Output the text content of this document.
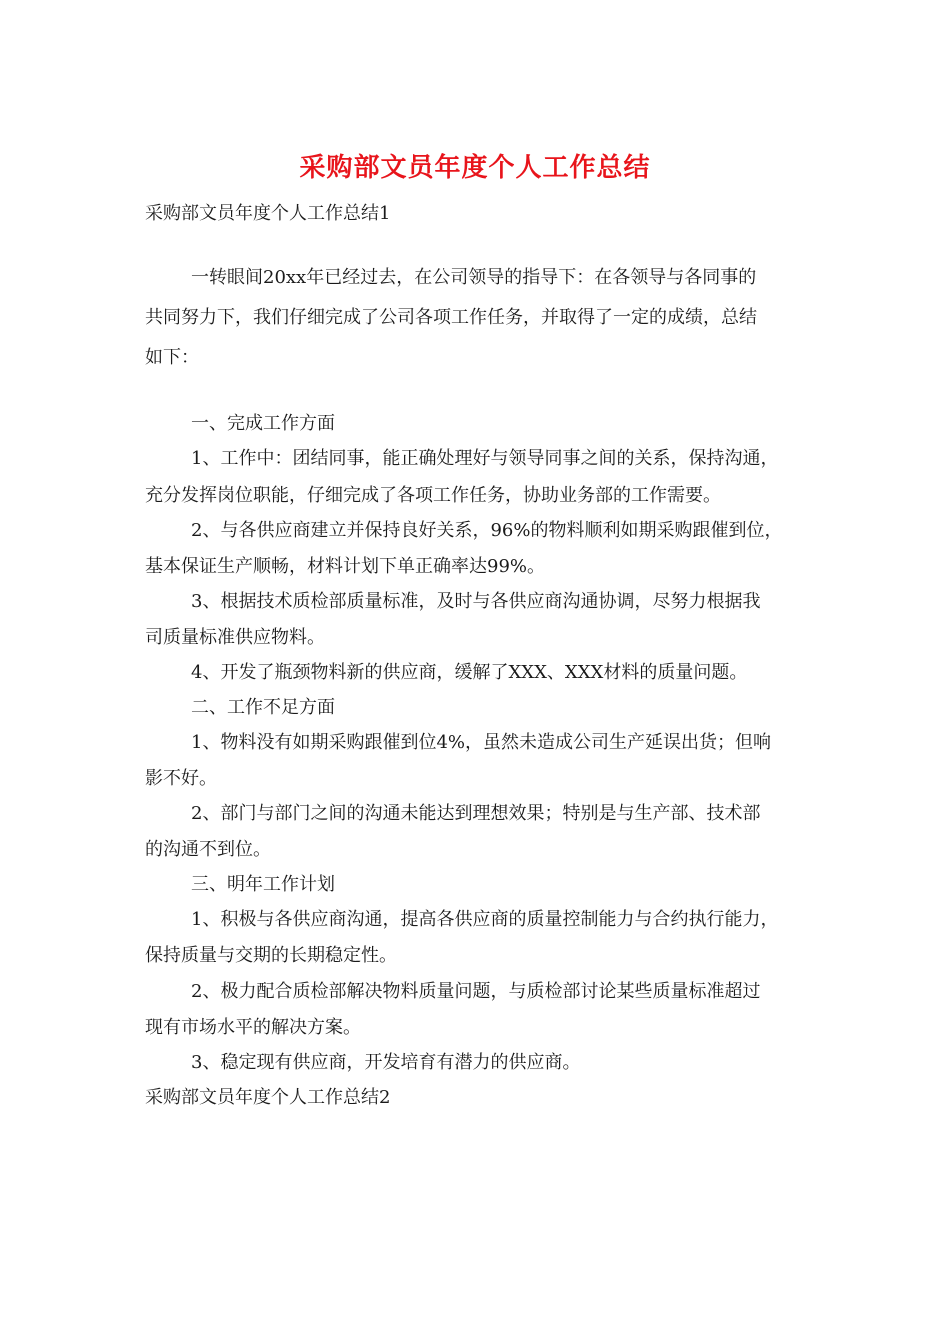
采购部文员年度个人工作总结
采购部文员年度个人工作总结1
一转眼间20xx年已经过去，在公司领导的指导下：在各领导与各同事的
共同努力下，我们仔细完成了公司各项工作任务，并取得了一定的成绩，总结
如下：
一、完成工作方面
1、工作中：团结同事，能正确处理好与领导同事之间的关系，保持沟通，
充分发挥岗位职能，仔细完成了各项工作任务，协助业务部的工作需要。
2、与各供应商建立并保持良好关系，96%的物料顺利如期采购跟催到位，
基本保证生产顺畅，材料计划下单正确率达99%。
3、根据技术质检部质量标准，及时与各供应商沟通协调，尽努力根据我
司质量标准供应物料。
4、开发了瓶颈物料新的供应商，缓解了XXX、XXX材料的质量问题。
二、工作不足方面
1、物料没有如期采购跟催到位4%，虽然未造成公司生产延误出货；但响
影不好。
2、部门与部门之间的沟通未能达到理想效果；特别是与生产部、技术部
的沟通不到位。
三、明年工作计划
1、积极与各供应商沟通，提高各供应商的质量控制能力与合约执行能力，
保持质量与交期的长期稳定性。
2、极力配合质检部解决物料质量问题，与质检部讨论某些质量标准超过
现有市场水平的解决方案。
3、稳定现有供应商，开发培育有潜力的供应商。
采购部文员年度个人工作总结2
